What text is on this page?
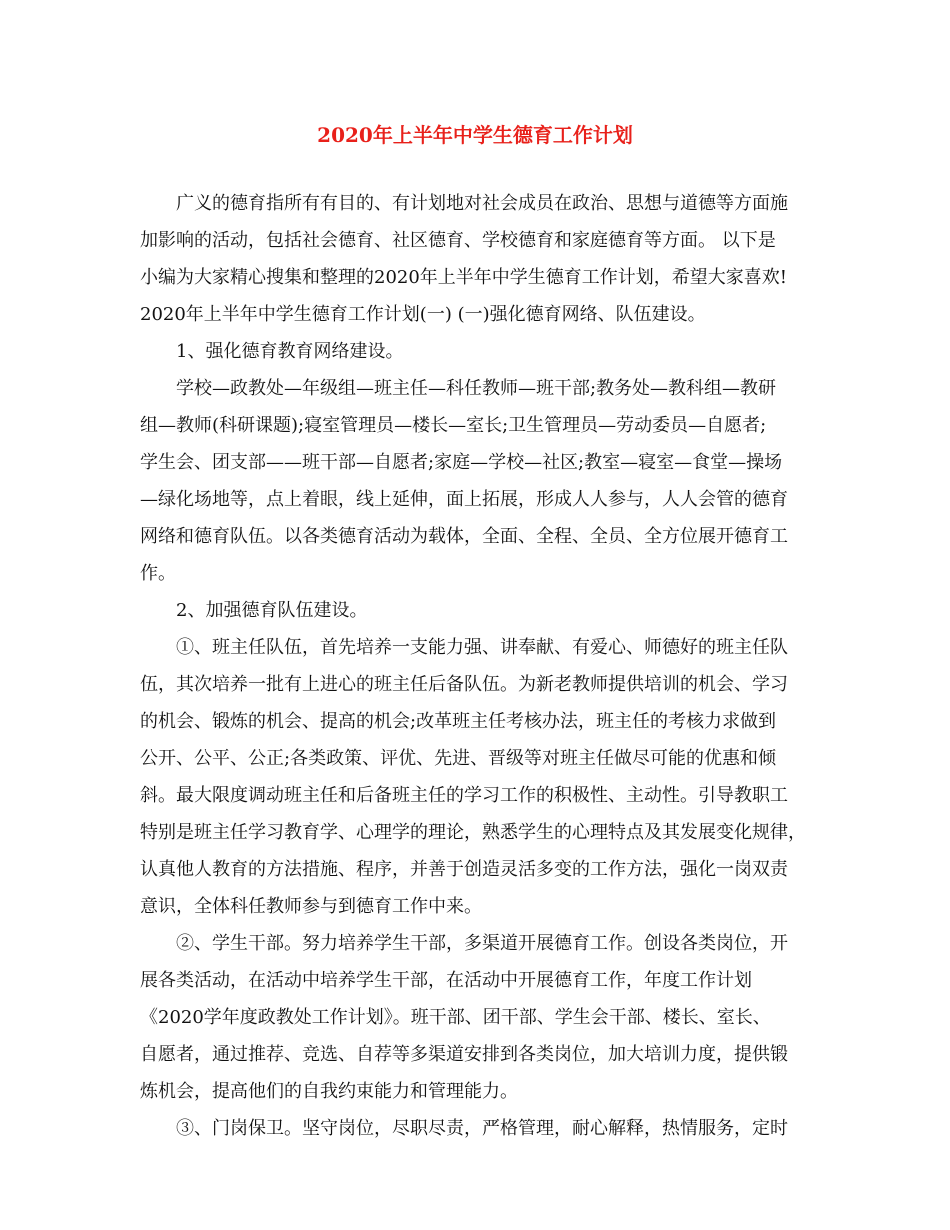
2020年上半年中学生德育工作计划
广义的德育指所有有目的、有计划地对社会成员在政治、思想与道德等方面施
加影响的活动，包括社会德育、社区德育、学校德育和家庭德育等方面。 以下是
小编为大家精心搜集和整理的2020年上半年中学生德育工作计划，希望大家喜欢!
2020年上半年中学生德育工作计划(一) (一)强化德育网络、队伍建设。
1、强化德育教育网络建设。
学校—政教处—年级组—班主任—科任教师—班干部;教务处—教科组—教研
组—教师(科研课题);寝室管理员—楼长—室长;卫生管理员—劳动委员—自愿者;
学生会、团支部——班干部—自愿者;家庭—学校—社区;教室—寝室—食堂—操场
—绿化场地等，点上着眼，线上延伸，面上拓展，形成人人参与，人人会管的德育
网络和德育队伍。以各类德育活动为载体，全面、全程、全员、全方位展开德育工
作。
2、加强德育队伍建设。
①、班主任队伍，首先培养一支能力强、讲奉献、有爱心、师德好的班主任队
伍，其次培养一批有上进心的班主任后备队伍。为新老教师提供培训的机会、学习
的机会、锻炼的机会、提高的机会;改革班主任考核办法，班主任的考核力求做到
公开、公平、公正;各类政策、评优、先进、晋级等对班主任做尽可能的优惠和倾
斜。最大限度调动班主任和后备班主任的学习工作的积极性、主动性。引导教职工
特别是班主任学习教育学、心理学的理论，熟悉学生的心理特点及其发展变化规律，
认真他人教育的方法措施、程序，并善于创造灵活多变的工作方法，强化一岗双责
意识，全体科任教师参与到德育工作中来。
②、学生干部。努力培养学生干部，多渠道开展德育工作。创设各类岗位，开
展各类活动，在活动中培养学生干部，在活动中开展德育工作，年度工作计划
《2020学年度政教处工作计划》。班干部、团干部、学生会干部、楼长、室长、
自愿者，通过推荐、竞选、自荐等多渠道安排到各类岗位，加大培训力度，提供锻
炼机会，提高他们的自我约束能力和管理能力。
③、门岗保卫。坚守岗位，尽职尽责，严格管理，耐心解释，热情服务，定时
